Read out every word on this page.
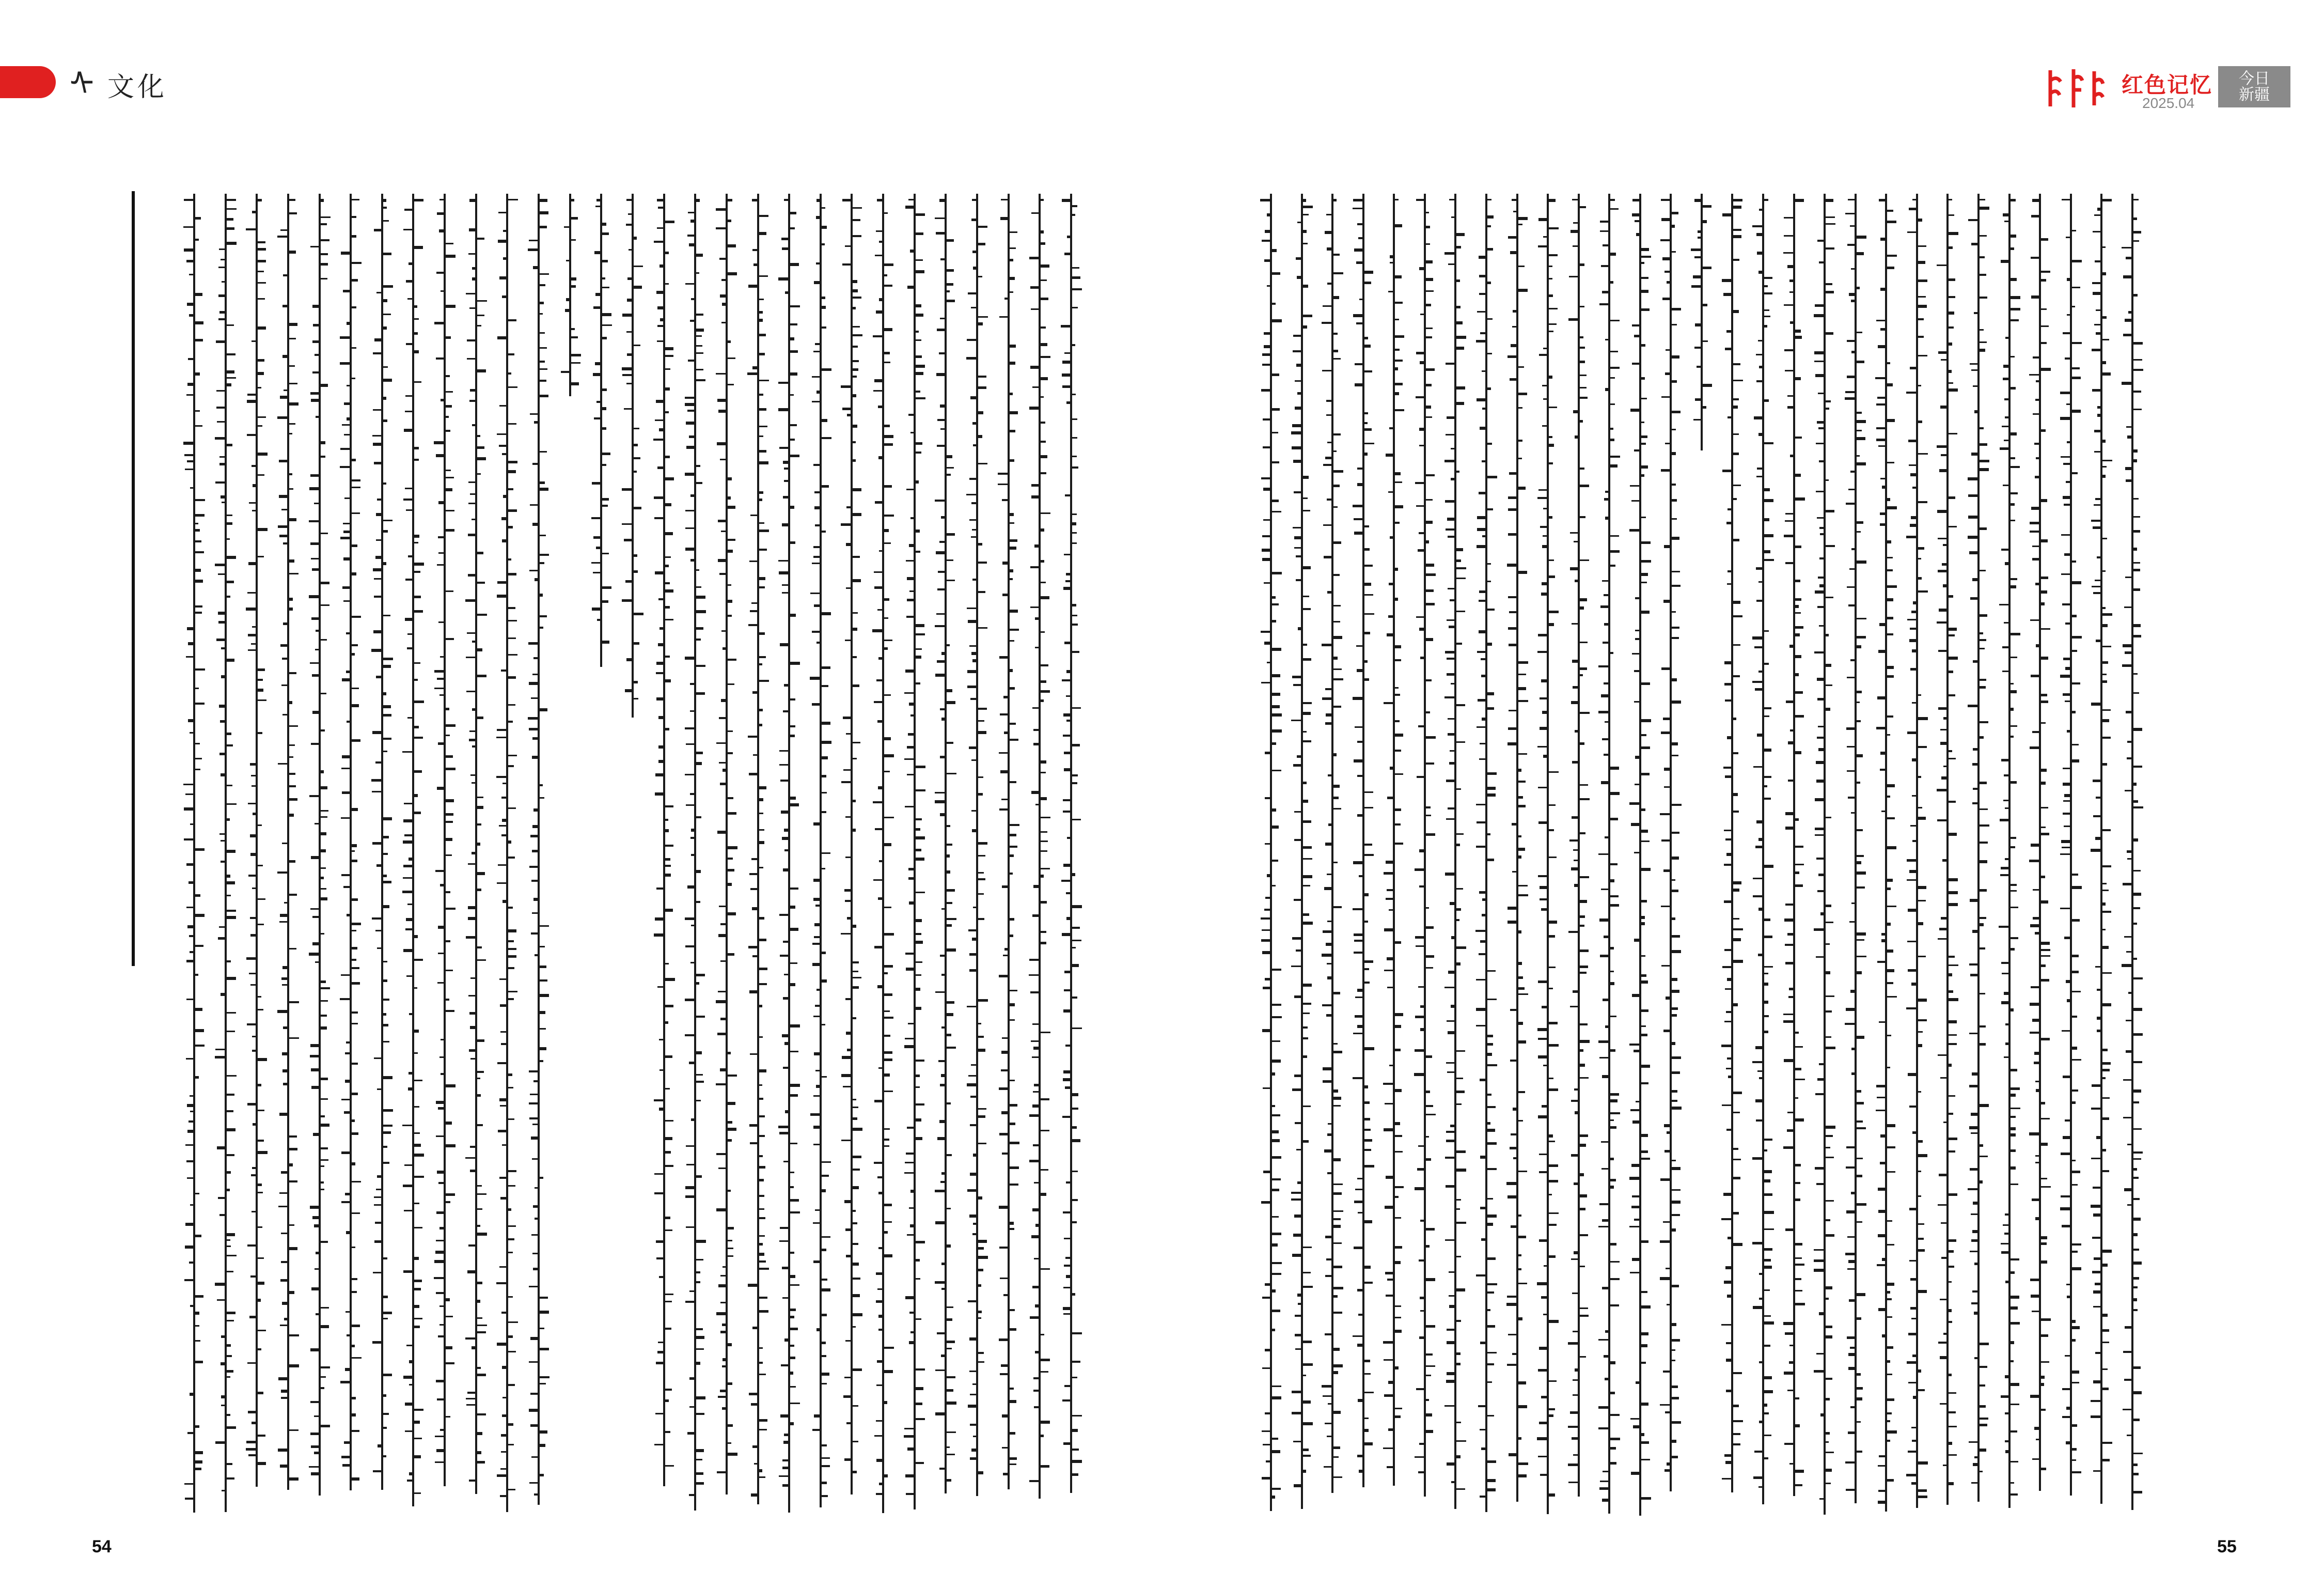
ᠰ 文化	红色记忆
2025.04
今日
新疆
54	55
